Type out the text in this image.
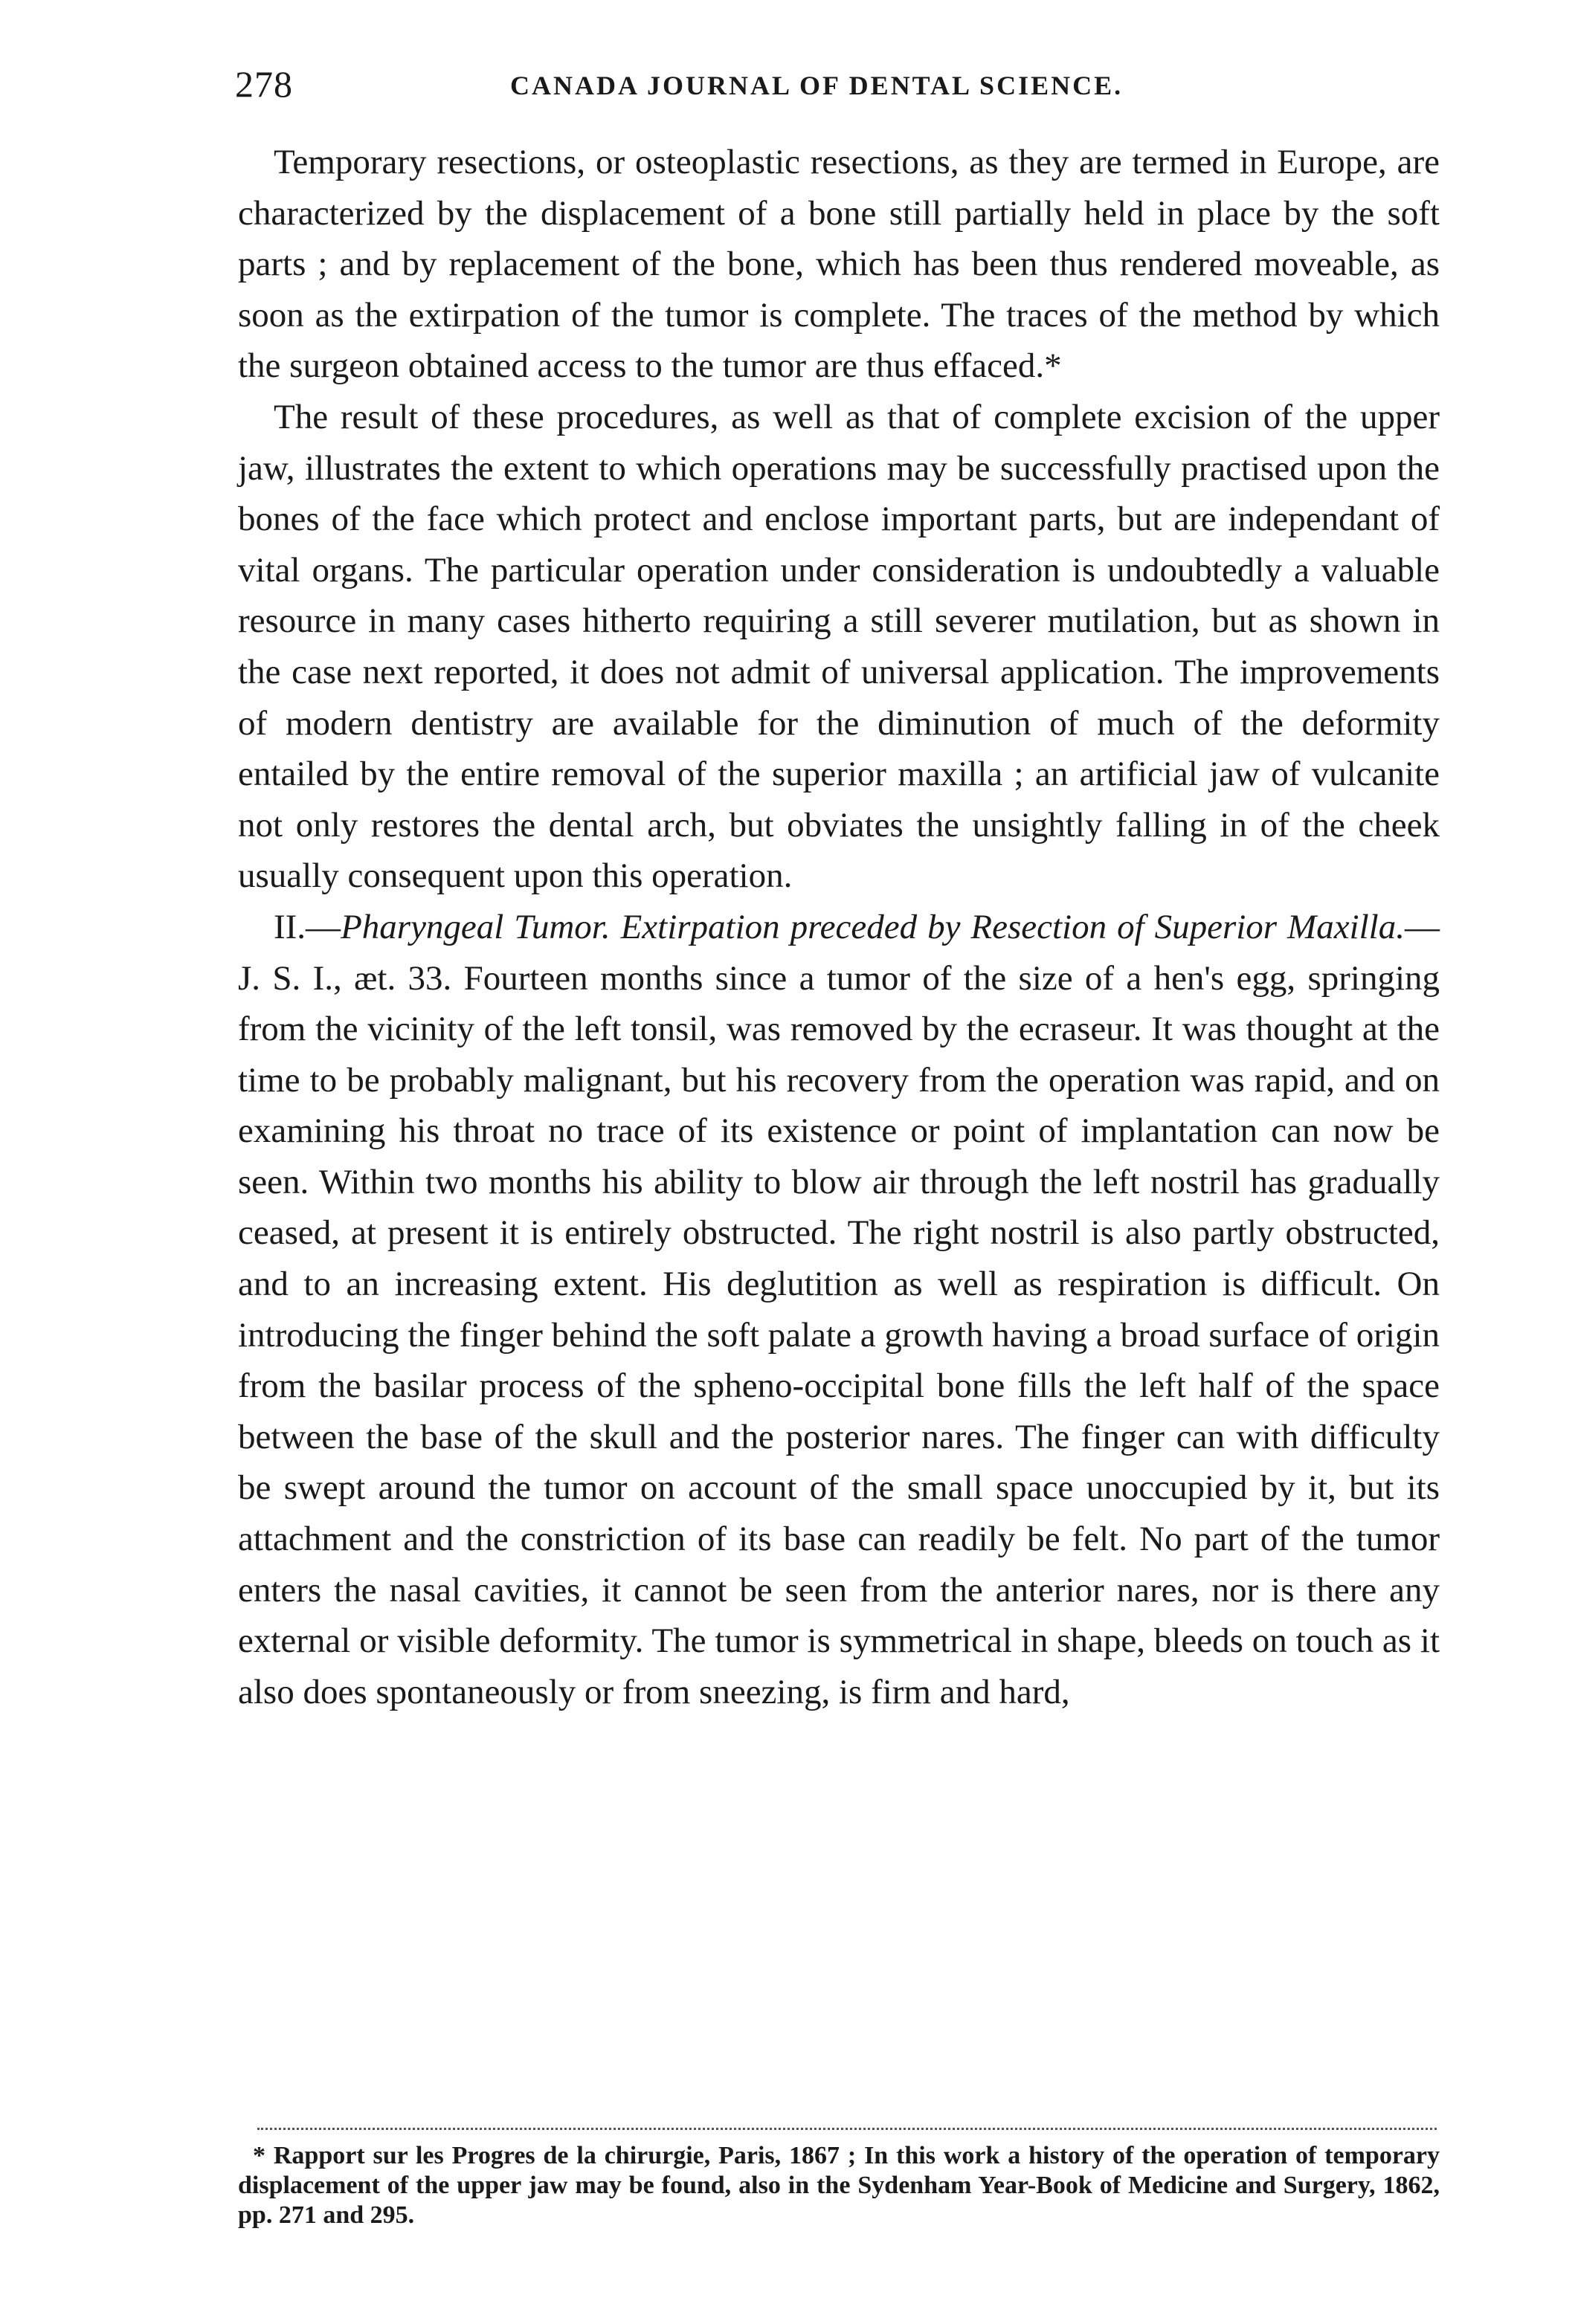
278	CANADA JOURNAL OF DENTAL SCIENCE.

Temporary resections, or osteoplastic resections, as they are termed in Europe, are characterized by the displacement of a bone still partially held in place by the soft parts ; and by replacement of the bone, which has been thus rendered moveable, as soon as the extirpation of the tumor is complete. The traces of the method by which the surgeon obtained access to the tumor are thus effaced.*

The result of these procedures, as well as that of complete excision of the upper jaw, illustrates the extent to which operations may be successfully practised upon the bones of the face which protect and enclose important parts, but are independant of vital organs. The particular operation under consideration is undoubtedly a valuable resource in many cases hitherto requiring a still severer mutilation, but as shown in the case next reported, it does not admit of universal application. The improvements of modern dentistry are available for the diminution of much of the deformity entailed by the entire removal of the superior maxilla ; an artificial jaw of vulcanite not only restores the dental arch, but obviates the unsightly falling in of the cheek usually consequent upon this operation.

II.—Pharyngeal Tumor. Extirpation preceded by Resection of Superior Maxilla.—J. S. I., æt. 33. Fourteen months since a tumor of the size of a hen's egg, springing from the vicinity of the left tonsil, was removed by the ecraseur. It was thought at the time to be probably malignant, but his recovery from the operation was rapid, and on examining his throat no trace of its existence or point of implantation can now be seen. Within two months his ability to blow air through the left nostril has gradually ceased, at present it is entirely obstructed. The right nostril is also partly obstructed, and to an increasing extent. His deglutition as well as respiration is difficult. On introducing the finger behind the soft palate a growth having a broad surface of origin from the basilar process of the spheno-occipital bone fills the left half of the space between the base of the skull and the posterior nares. The finger can with difficulty be swept around the tumor on account of the small space unoccupied by it, but its attachment and the constriction of its base can readily be felt. No part of the tumor enters the nasal cavities, it cannot be seen from the anterior nares, nor is there any external or visible deformity. The tumor is symmetrical in shape, bleeds on touch as it also does spontaneously or from sneezing, is firm and hard,

* Rapport sur les Progres de la chirurgie, Paris, 1867 ; In this work a history of the operation of temporary displacement of the upper jaw may be found, also in the Sydenham Year-Book of Medicine and Surgery, 1862, pp. 271 and 295.
